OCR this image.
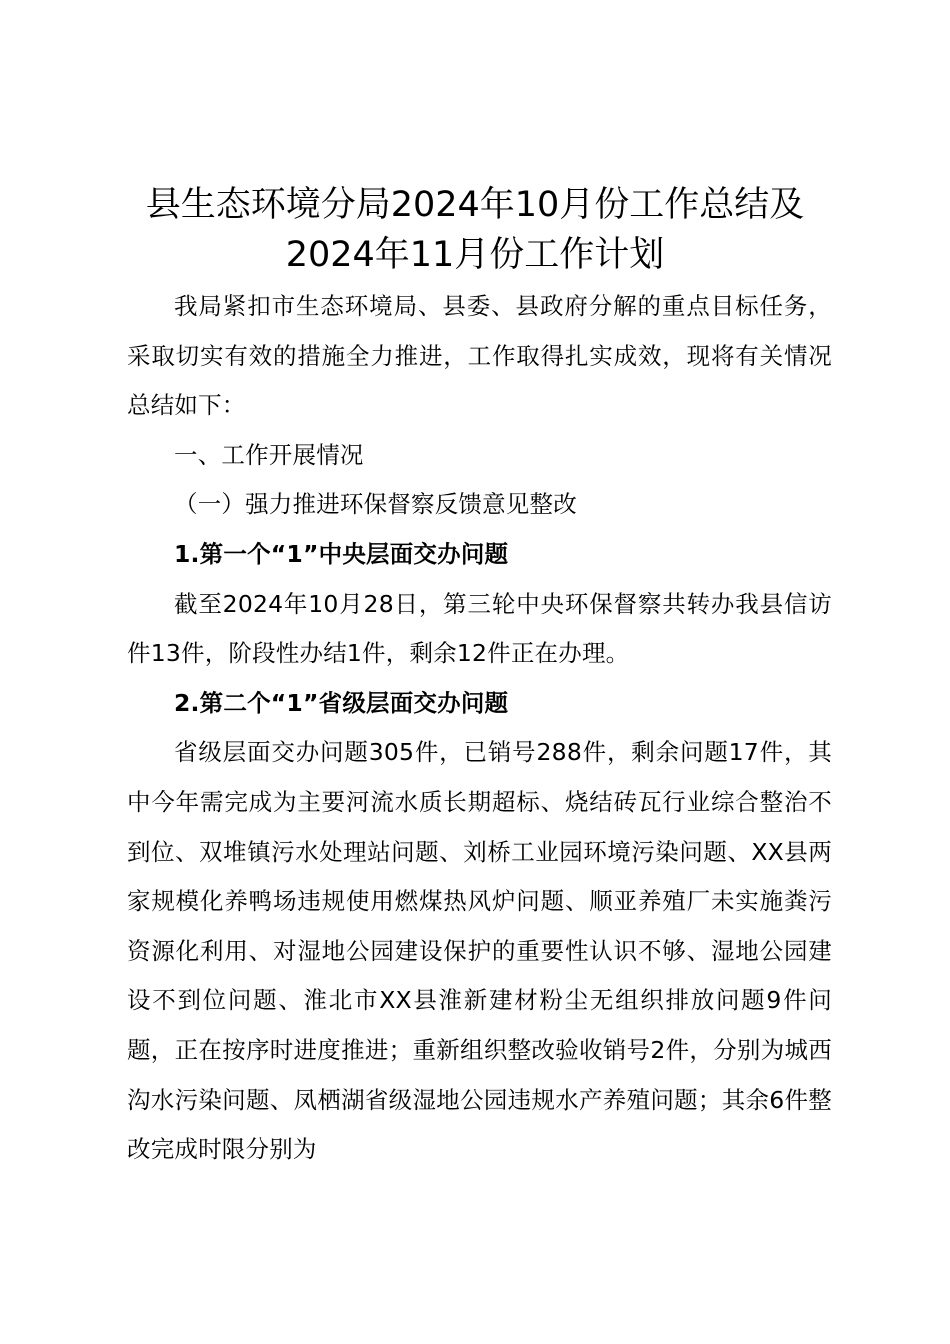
县生态环境分局2024年10月份工作总结及
2024年11月份工作计划

我局紧扣市生态环境局、县委、县政府分解的重点目标任务，采取切实有效的措施全力推进，工作取得扎实成效，现将有关情况总结如下：

一、工作开展情况

（一）强力推进环保督察反馈意见整改

1.第一个“1”中央层面交办问题

截至2024年10月28日，第三轮中央环保督察共转办我县信访件13件，阶段性办结1件，剩余12件正在办理。

2.第二个“1”省级层面交办问题

省级层面交办问题305件，已销号288件，剩余问题17件，其中今年需完成为主要河流水质长期超标、烧结砖瓦行业综合整治不到位、双堆镇污水处理站问题、刘桥工业园环境污染问题、XX县两家规模化养鸭场违规使用燃煤热风炉问题、顺亚养殖厂未实施粪污资源化利用、对湿地公园建设保护的重要性认识不够、湿地公园建设不到位问题、淮北市XX县淮新建材粉尘无组织排放问题9件问题，正在按序时进度推进；重新组织整改验收销号2件，分别为城西沟水污染问题、凤栖湖省级湿地公园违规水产养殖问题；其余6件整改完成时限分别为
